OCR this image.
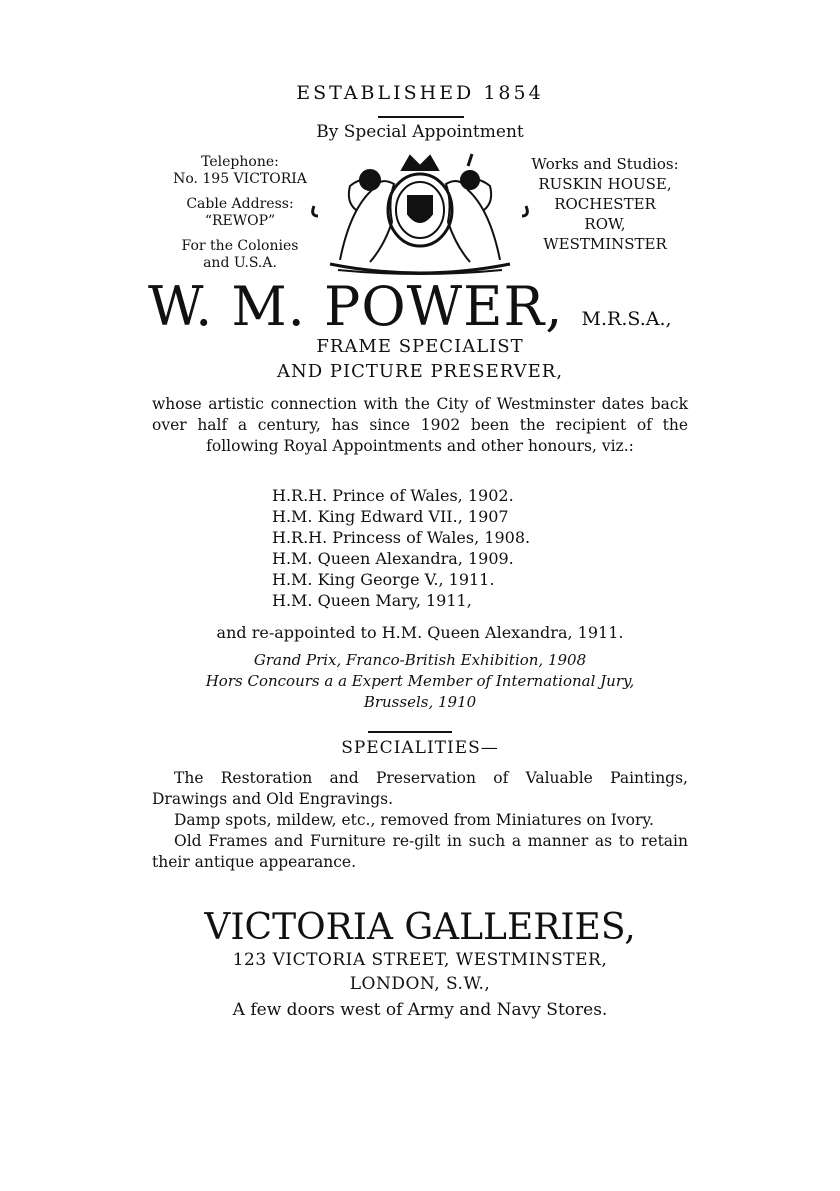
ESTABLISHED 1854
By Special Appointment
Telephone:
No. 195 VICTORIA
Cable Address:
“REWOP”
For the Colonies
and U.S.A.
Works and Studios:
RUSKIN HOUSE,
ROCHESTER
ROW,
WESTMINSTER
W. M. POWER, M.R.S.A.,
FRAME SPECIALIST
AND PICTURE PRESERVER,
whose artistic connection with the City of Westminster dates back over half a century, has since 1902 been the recipient of the following Royal Appointments and other honours, viz.:
H.R.H. Prince of Wales, 1902.
H.M. King Edward VII., 1907
H.R.H. Princess of Wales, 1908.
H.M. Queen Alexandra, 1909.
H.M. King George V., 1911.
H.M. Queen Mary, 1911,
and re-appointed to H.M. Queen Alexandra, 1911.
Grand Prix, Franco-British Exhibition, 1908
Hors Concours a a Expert Member of International Jury,
Brussels, 1910
SPECIALITIES—

The Restoration and Preservation of Valuable Paintings, Drawings and Old Engravings.

Damp spots, mildew, etc., removed from Miniatures on Ivory.

Old Frames and Furniture re-gilt in such a manner as to retain their antique appearance.

VICTORIA GALLERIES,
123 VICTORIA STREET, WESTMINSTER,
LONDON, S.W.,
A few doors west of Army and Navy Stores.
